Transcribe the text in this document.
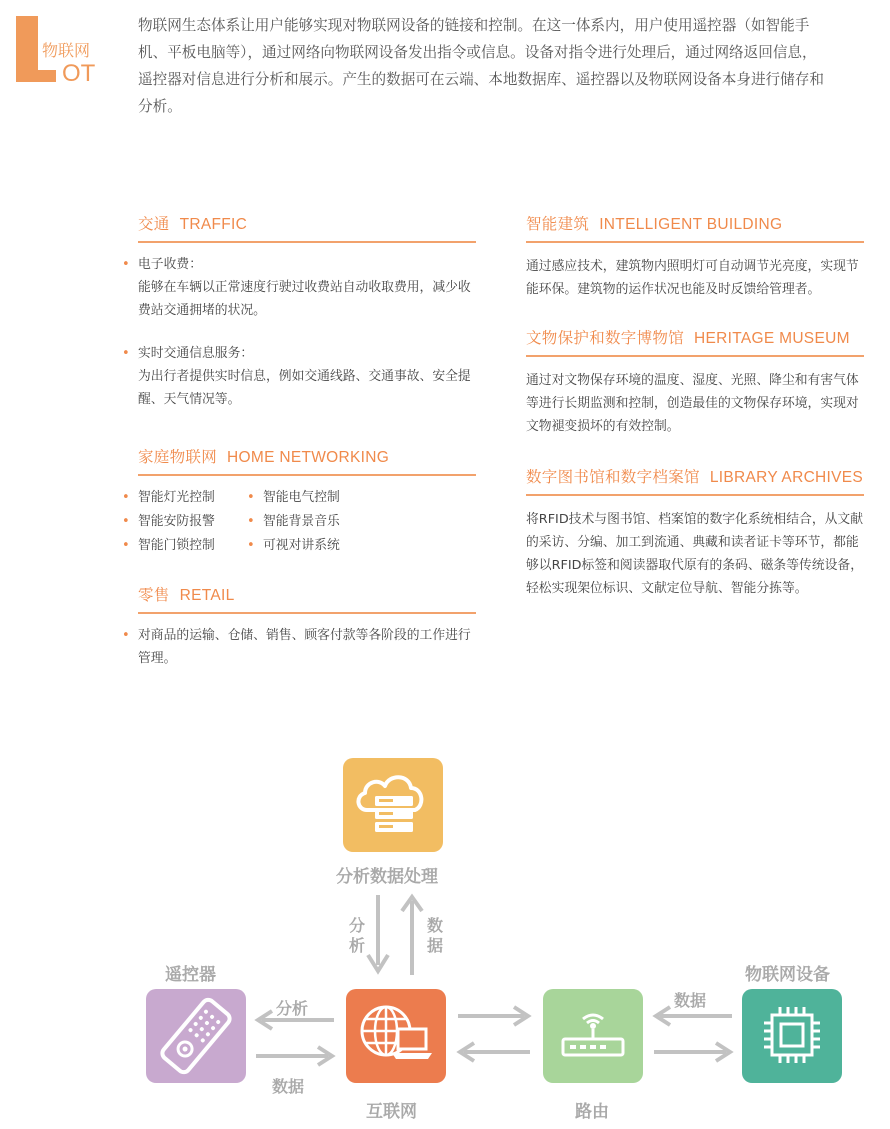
物联网
OT
物联网生态体系让用户能够实现对物联网设备的链接和控制。在这一体系内，用户使用遥控器（如智能手机、平板电脑等），通过网络向物联网设备发出指令或信息。设备对指令进行处理后，通过网络返回信息，遥控器对信息进行分析和展示。产生的数据可在云端、本地数据库、遥控器以及物联网设备本身进行储存和分析。
交通 TRAFFIC
• 电子收费：
能够在车辆以正常速度行驶过收费站自动收取费用，减少收费站交通拥堵的状况。
• 实时交通信息服务：
为出行者提供实时信息，例如交通线路、交通事故、安全提醒、天气情况等。
家庭物联网 HOME NETWORKING
• 智能灯光控制	• 智能电气控制
• 智能安防报警	• 智能背景音乐
• 智能门锁控制	• 可视对讲系统
零售 RETAIL
• 对商品的运输、仓储、销售、顾客付款等各阶段的工作进行管理。
智能建筑 INTELLIGENT BUILDING
通过感应技术，建筑物内照明灯可自动调节光亮度，实现节能环保。建筑物的运作状况也能及时反馈给管理者。
文物保护和数字博物馆 HERITAGE MUSEUM
通过对文物保存环境的温度、湿度、光照、降尘和有害气体等进行长期监测和控制，创造最佳的文物保存环境，实现对文物褪变损坏的有效控制。
数字图书馆和数字档案馆 LIBRARY ARCHIVES
将RFID技术与图书馆、档案馆的数字化系统相结合，从文献的采访、分编、加工到流通、典藏和读者证卡等环节，都能够以RFID标签和阅读器取代原有的条码、磁条等传统设备，轻松实现架位标识、文献定位导航、智能分拣等。
分析数据处理
分
析
数
据
遥控器
分析
数据
互联网	路由
数据
物联网设备
